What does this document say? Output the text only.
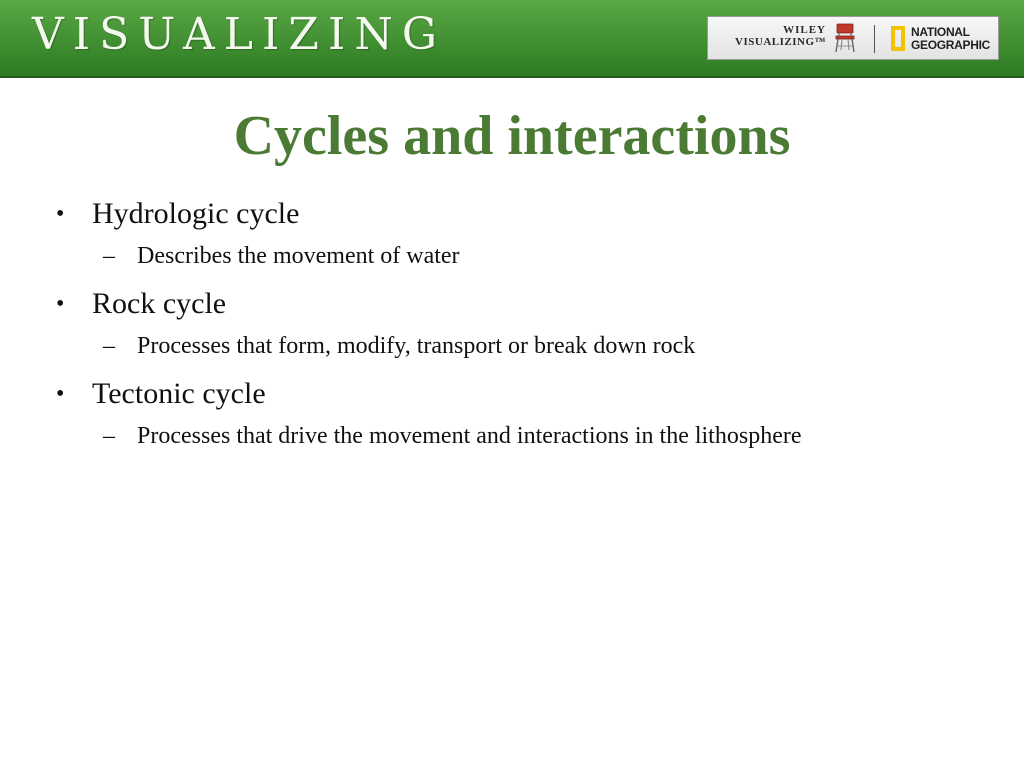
VISUALIZING	WILEY
VISUALIZING™
NATIONAL
GEOGRAPHIC
Cycles and interactions
• Hydrologic cycle
– Describes the movement of water
• Rock cycle
– Processes that form, modify, transport or break down rock
• Tectonic cycle
– Processes that drive the movement and interactions in the lithosphere
